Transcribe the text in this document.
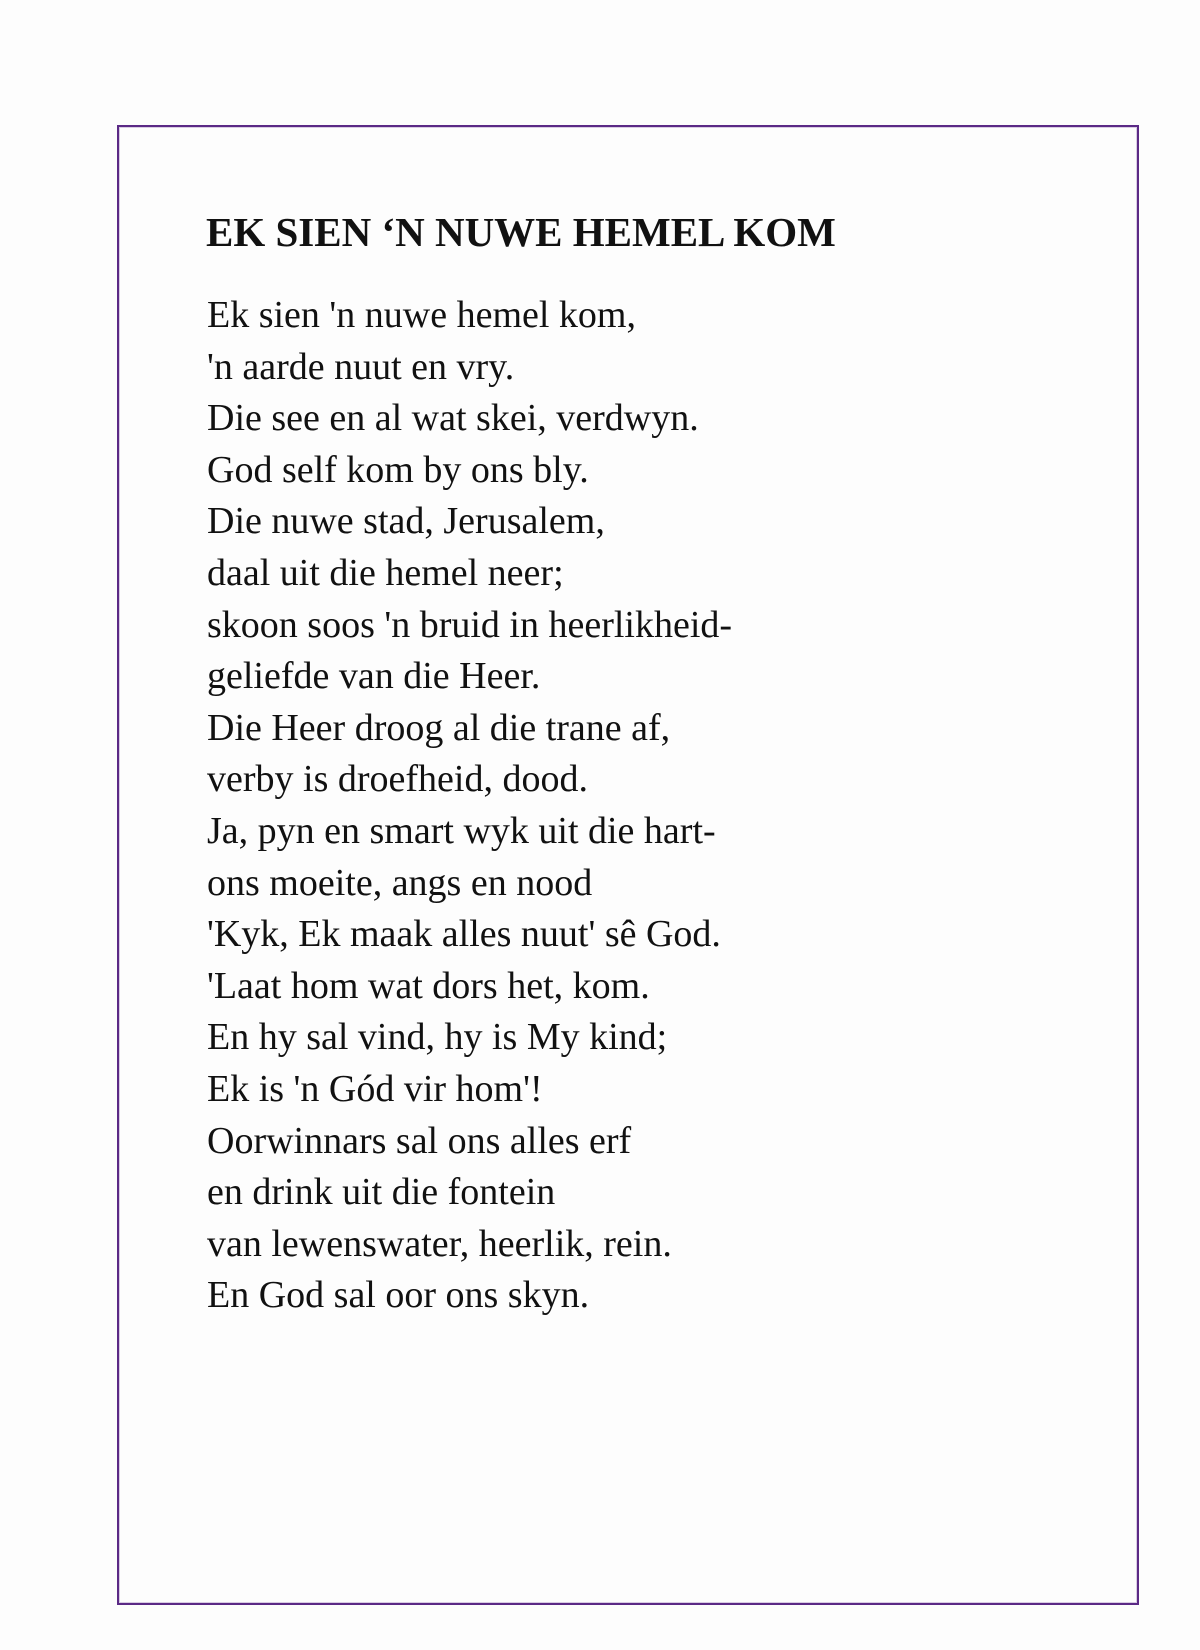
EK SIEN ‘N NUWE HEMEL KOM
Ek sien 'n nuwe hemel kom,
'n aarde nuut en vry.
Die see en al wat skei, verdwyn.
God self kom by ons bly.
Die nuwe stad, Jerusalem,
daal uit die hemel neer;
skoon soos 'n bruid in heerlikheid-
geliefde van die Heer.
Die Heer droog al die trane af,
verby is droefheid, dood.
Ja, pyn en smart wyk uit die hart-
ons moeite, angs en nood
'Kyk, Ek maak alles nuut' sê God.
'Laat hom wat dors het, kom.
En hy sal vind, hy is My kind;
Ek is 'n Gód vir hom'!
Oorwinnars sal ons alles erf
en drink uit die fontein
van lewenswater, heerlik, rein.
En God sal oor ons skyn.
